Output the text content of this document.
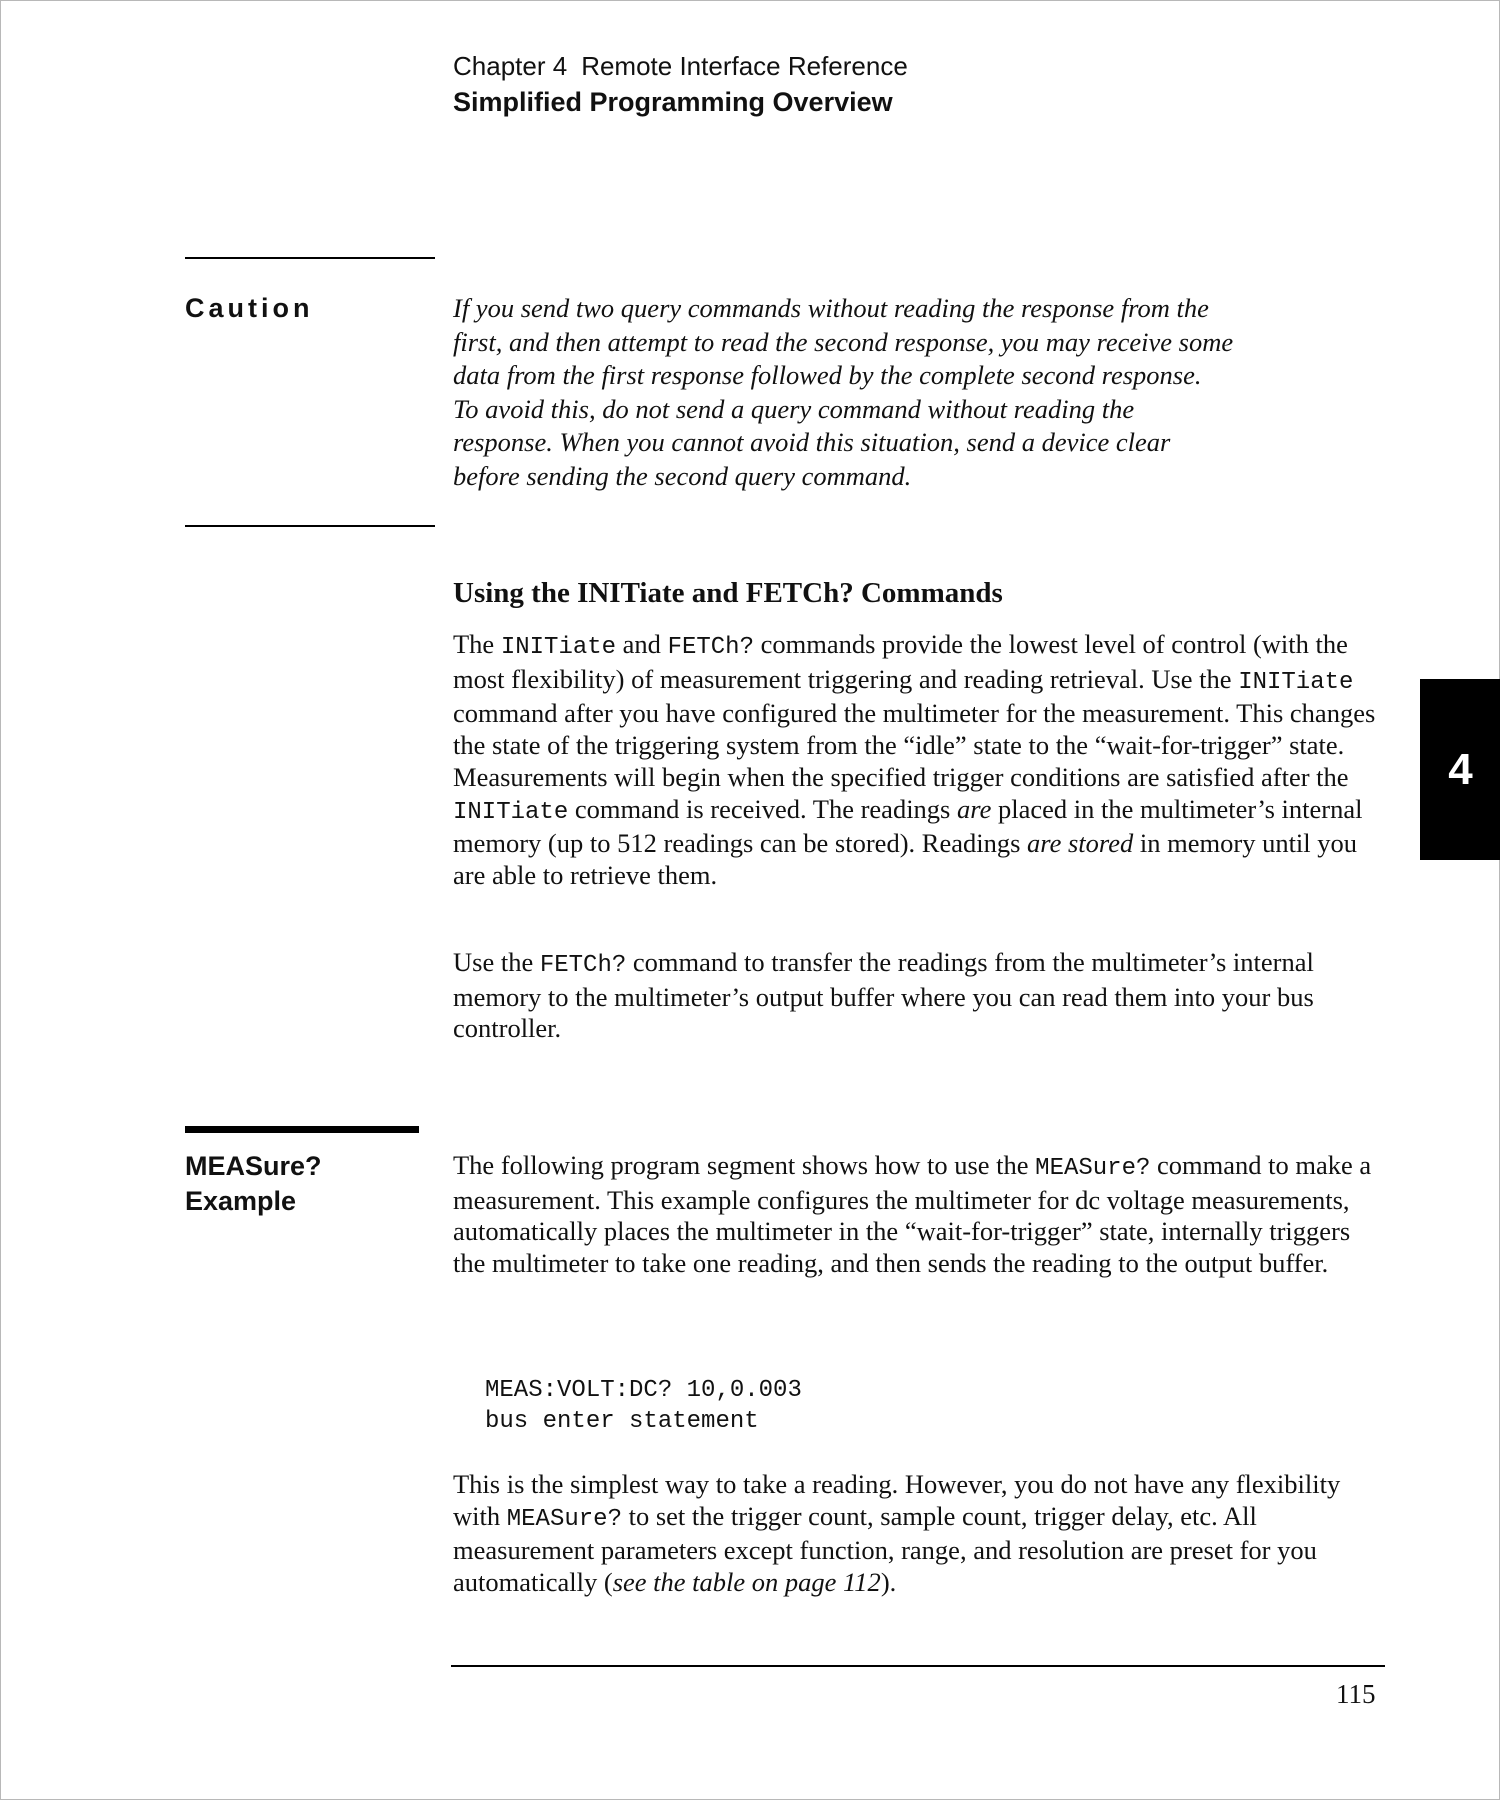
Chapter 4 Remote Interface Reference
Simplified Programming Overview
Caution	If you send two query commands without reading the response from the
first, and then attempt to read the second response, you may receive some
data from the first response followed by the complete second response.
To avoid this, do not send a query command without reading the
response. When you cannot avoid this situation, send a device clear
before sending the second query command.

Using the INITiate and FETCh? Commands

The INITiate and FETCh? commands provide the lowest level of control (with the most flexibility) of measurement triggering and reading retrieval. Use the INITiate command after you have configured the multimeter for the measurement. This changes the state of the triggering system from the “idle” state to the “wait-for-trigger” state. Measurements will begin when the specified trigger conditions are satisfied after the INITiate command is received. The readings are placed in the multimeter’s internal memory (up to 512 readings can be stored). Readings are stored in memory until you are able to retrieve them.

Use the FETCh? command to transfer the readings from the multimeter’s internal memory to the multimeter’s output buffer where you can read them into your bus controller.

4
MEASure?
Example

The following program segment shows how to use the MEASure? command to make a measurement. This example configures the multimeter for dc voltage measurements, automatically places the multimeter in the “wait-for-trigger” state, internally triggers the multimeter to take one reading, and then sends the reading to the output buffer.

MEAS:VOLT:DC? 10,0.003
bus enter statement

This is the simplest way to take a reading. However, you do not have any flexibility with MEASure? to set the trigger count, sample count, trigger delay, etc. All measurement parameters except function, range, and resolution are preset for you automatically (see the table on page 112).

115
